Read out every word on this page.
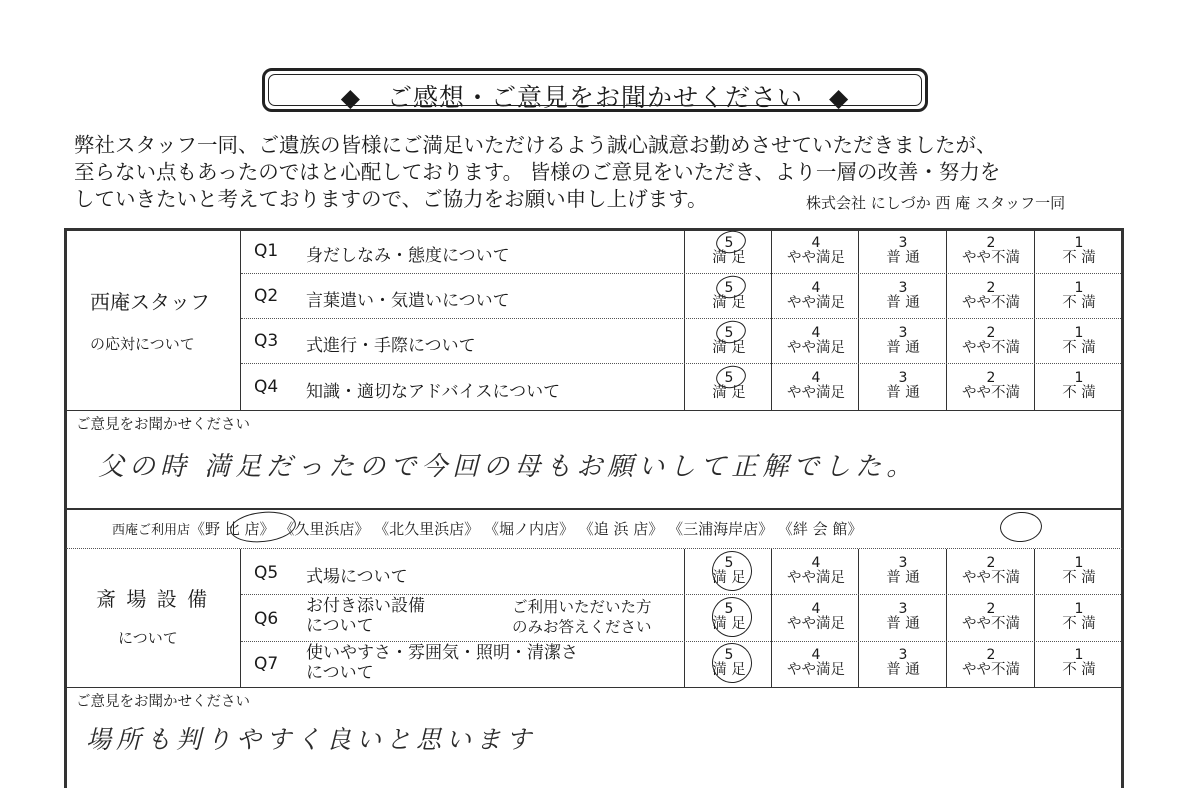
◆　ご感想・ご意見をお聞かせください　◆
弊社スタッフ一同、ご遺族の皆様にご満足いただけるよう誠心誠意お勤めさせていただきましたが、
至らない点もあったのではと心配しております。 皆様のご意見をいただき、より一層の改善・努力を
していきたいと考えておりますので、ご協力をお願い申し上げます。	株式会社 にしづか 西 庵 スタッフ一同
西庵スタッフ
の応対について
Q1 身だしなみ・態度について
Q2 言葉遣い・気遣いについて
Q3 式進行・手際について
Q4 知識・適切なアドバイスについて
5
満 足
4
やや満足
3
普 通
2
やや不満
1
不 満
5
満 足
4
やや満足
3
普 通
2
やや不満
1
不 満
5
満 足
4
やや満足
3
普 通
2
やや不満
1
不 満
5
満 足
4
やや満足
3
普 通
2
やや不満
1
不 満
ご意見をお聞かせください
父の時 満足だったので今回の母もお願いして正解でした。
西庵ご利用店《野 比 店》 《久里浜店》 《北久里浜店》 《堀ノ内店》 《追 浜 店》 《三浦海岸店》 《絆 会 館》
斎 場 設 備
について
Q5 式場について
Q6
お付き添い設備
について
ご利用いただいた方
のみお答えください
Q7
使いやすさ・雰囲気・照明・清潔さ
について
5
満 足
4
やや満足
3
普 通
2
やや不満
1
不 満
5
満 足
4
やや満足
3
普 通
2
やや不満
1
不 満
5
満 足
4
やや満足
3
普 通
2
やや不満
1
不 満
ご意見をお聞かせください
場所も判りやすく良いと思います
